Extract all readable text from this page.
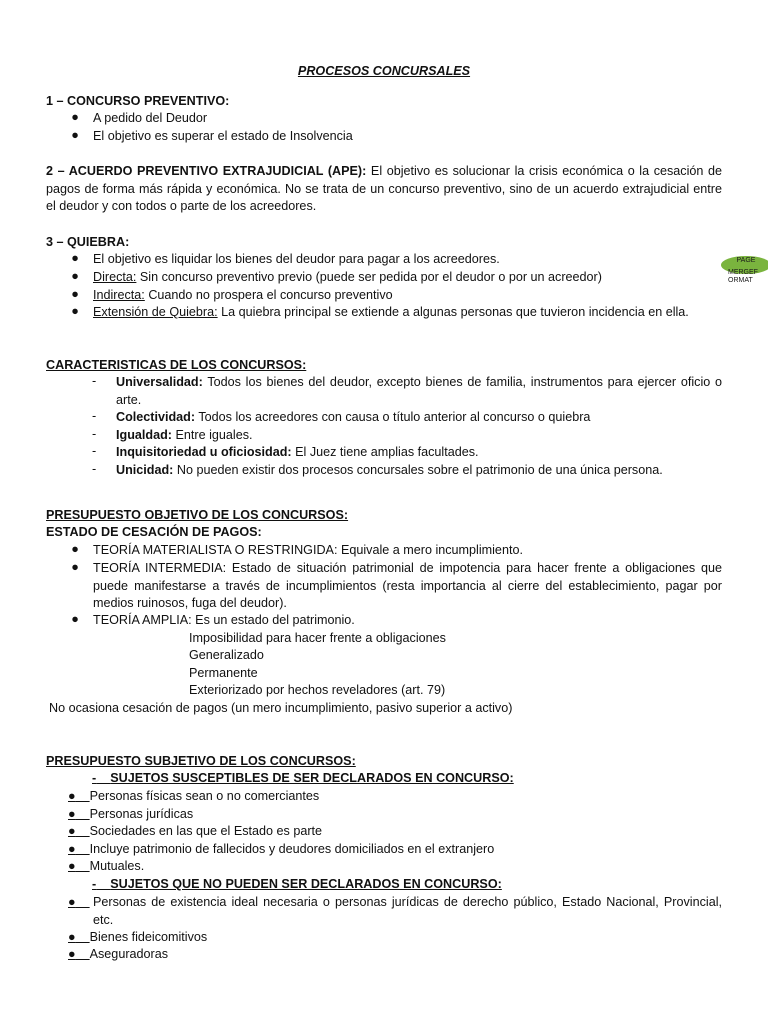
PROCESOS CONCURSALES
1 – CONCURSO PREVENTIVO:
● A pedido del Deudor
● El objetivo es superar el estado de Insolvencia
2 – ACUERDO PREVENTIVO EXTRAJUDICIAL (APE): El objetivo es solucionar la crisis económica o la cesación de pagos de forma más rápida y económica. No se trata de un concurso preventivo, sino de un acuerdo extrajudicial entre el deudor y con todos o parte de los acreedores.
3 – QUIEBRA:
● El objetivo es liquidar los bienes del deudor para pagar a los acreedores.
● Directa: Sin concurso preventivo previo (puede ser pedida por el deudor o por un acreedor)
● Indirecta: Cuando no prospera el concurso preventivo
● Extensión de Quiebra: La quiebra principal se extiende a algunas personas que tuvieron incidencia en ella.
CARACTERISTICAS DE LOS CONCURSOS:
- Universalidad: Todos los bienes del deudor, excepto bienes de familia, instrumentos para ejercer oficio o arte.
- Colectividad: Todos los acreedores con causa o título anterior al concurso o quiebra
- Igualdad: Entre iguales.
- Inquisitoriedad u oficiosidad: El Juez tiene amplias facultades.
- Unicidad: No pueden existir dos procesos concursales sobre el patrimonio de una única persona.
PRESUPUESTO OBJETIVO DE LOS CONCURSOS:
ESTADO DE CESACIÓN DE PAGOS:
● TEORÍA MATERIALISTA O RESTRINGIDA: Equivale a mero incumplimiento.
● TEORÍA INTERMEDIA: Estado de situación patrimonial de impotencia para hacer frente a obligaciones que puede manifestarse a través de incumplimientos (resta importancia al cierre del establecimiento, pagar por medios ruinosos, fuga del deudor).
● TEORÍA AMPLIA: Es un estado del patrimonio.
Imposibilidad para hacer frente a obligaciones
Generalizado
Permanente
Exteriorizado por hechos reveladores (art. 79)
No ocasiona cesación de pagos (un mero incumplimiento, pasivo superior a activo)
PRESUPUESTO SUBJETIVO DE LOS CONCURSOS:
- SUJETOS SUSCEPTIBLES DE SER DECLARADOS EN CONCURSO:
● Personas físicas sean o no comerciantes
● Personas jurídicas
● Sociedades en las que el Estado es parte
● Incluye patrimonio de fallecidos y deudores domiciliados en el extranjero
● Mutuales.
- SUJETOS QUE NO PUEDEN SER DECLARADOS EN CONCURSO:
●	Personas de existencia ideal necesaria o personas jurídicas de derecho público, Estado Nacional, Provincial, etc.
● Bienes fideicomitivos
● Aseguradoras
PAGE
MERGEFORMAT
